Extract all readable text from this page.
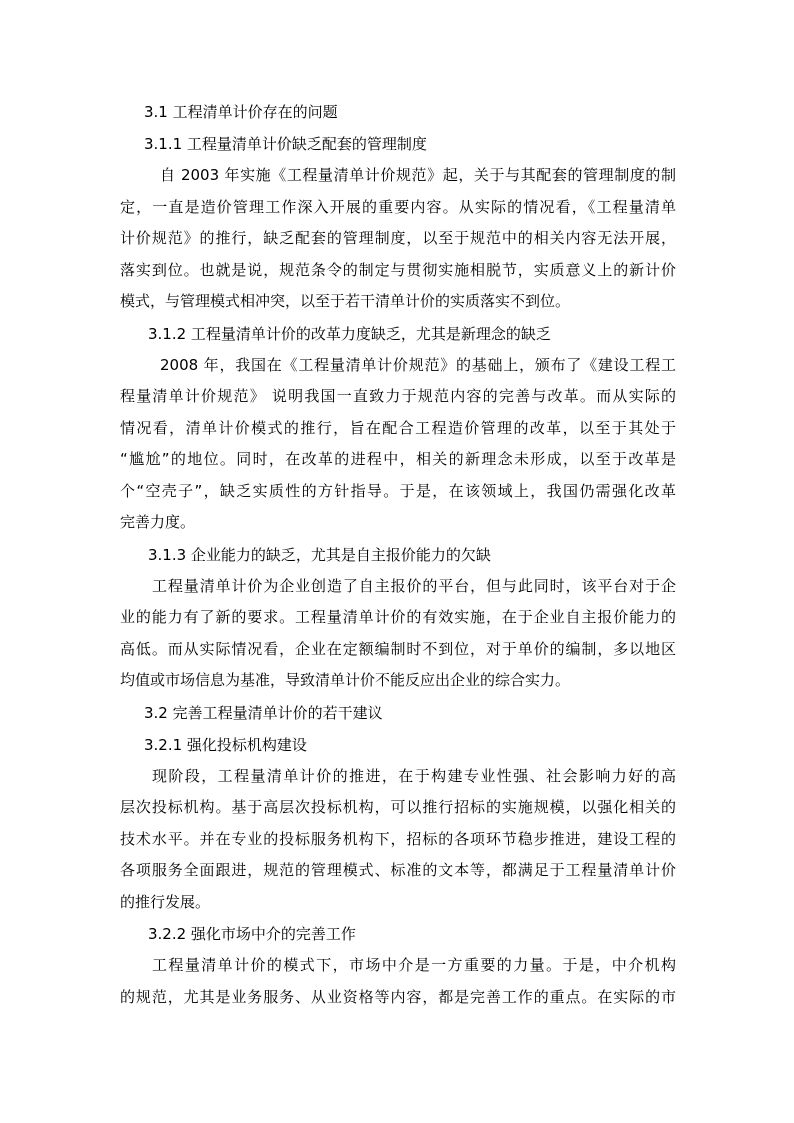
3.1 工程清单计价存在的问题
3.1.1 工程量清单计价缺乏配套的管理制度
自 2003 年实施《工程量清单计价规范》起，关于与其配套的管理制度的制
定，一直是造价管理工作深入开展的重要内容。从实际的情况看，《工程量清单
计价规范》的推行，缺乏配套的管理制度，以至于规范中的相关内容无法开展，
落实到位。也就是说，规范条令的制定与贯彻实施相脱节，实质意义上的新计价
模式，与管理模式相冲突，以至于若干清单计价的实质落实不到位。
3.1.2 工程量清单计价的改革力度缺乏，尤其是新理念的缺乏
2008 年，我国在《工程量清单计价规范》的基础上，颁布了《建设工程工
程量清单计价规范》 说明我国一直致力于规范内容的完善与改革。而从实际的
情况看，清单计价模式的推行，旨在配合工程造价管理的改革，以至于其处于
“尴尬”的地位。同时，在改革的进程中，相关的新理念未形成，以至于改革是
个“空壳子”，缺乏实质性的方针指导。于是，在该领域上，我国仍需强化改革
完善力度。
3.1.3 企业能力的缺乏，尤其是自主报价能力的欠缺
工程量清单计价为企业创造了自主报价的平台，但与此同时，该平台对于企
业的能力有了新的要求。工程量清单计价的有效实施，在于企业自主报价能力的
高低。而从实际情况看，企业在定额编制时不到位，对于单价的编制，多以地区
均值或市场信息为基准，导致清单计价不能反应出企业的综合实力。
3.2 完善工程量清单计价的若干建议
3.2.1 强化投标机构建设
现阶段，工程量清单计价的推进，在于构建专业性强、社会影响力好的高
层次投标机构。基于高层次投标机构，可以推行招标的实施规模，以强化相关的
技术水平。并在专业的投标服务机构下，招标的各项环节稳步推进，建设工程的
各项服务全面跟进，规范的管理模式、标准的文本等，都满足于工程量清单计价
的推行发展。
3.2.2 强化市场中介的完善工作
工程量清单计价的模式下，市场中介是一方重要的力量。于是，中介机构
的规范，尤其是业务服务、从业资格等内容，都是完善工作的重点。在实际的市
